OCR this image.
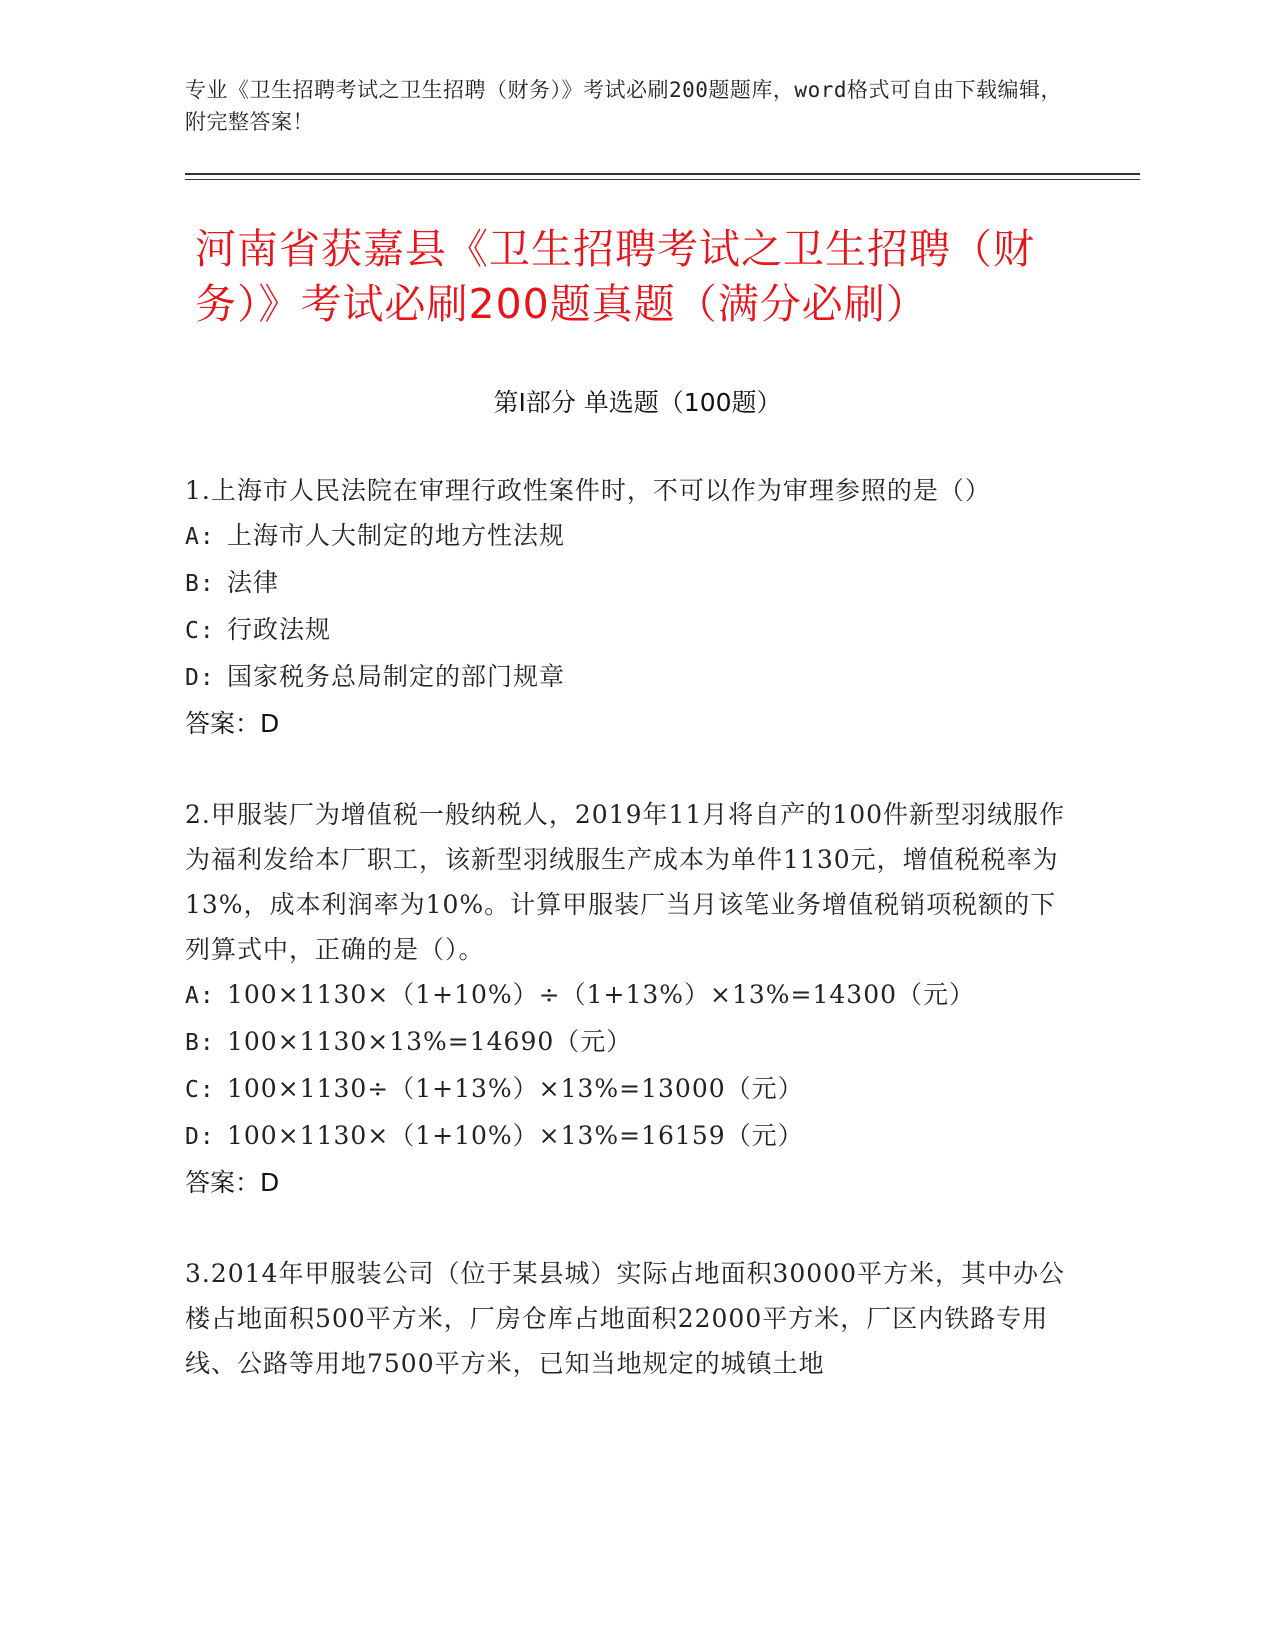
专业《卫生招聘考试之卫生招聘（财务）》考试必刷200题题库，word格式可自由下载编辑，附完整答案！
河南省获嘉县《卫生招聘考试之卫生招聘（财务）》考试必刷200题真题（满分必刷）
第I部分 单选题（100题）
1.上海市人民法院在审理行政性案件时，不可以作为审理参照的是（）
A: 上海市人大制定的地方性法规
B: 法律
C: 行政法规
D: 国家税务总局制定的部门规章
答案：D
2.甲服装厂为增值税一般纳税人，2019年11月将自产的100件新型羽绒服作为福利发给本厂职工，该新型羽绒服生产成本为单件1130元，增值税税率为13%，成本利润率为10%。计算甲服装厂当月该笔业务增值税销项税额的下列算式中，正确的是（）。
A: 100×1130×（1+10%）÷（1+13%）×13%=14300（元）
B: 100×1130×13%=14690（元）
C: 100×1130÷（1+13%）×13%=13000（元）
D: 100×1130×（1+10%）×13%=16159（元）
答案：D
3.2014年甲服装公司（位于某县城）实际占地面积30000平方米，其中办公楼占地面积500平方米，厂房仓库占地面积22000平方米，厂区内铁路专用线、公路等用地7500平方米，已知当地规定的城镇土地
